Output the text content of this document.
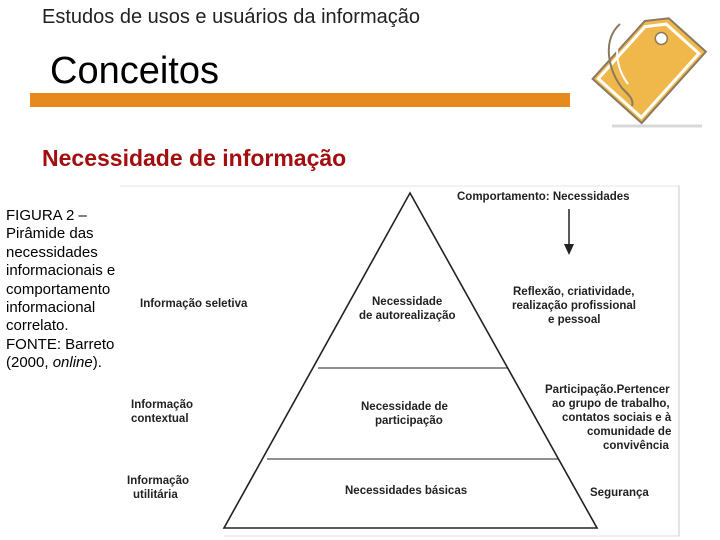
Estudos de usos e usuários da informação
Conceitos
Necessidade de informação
FIGURA 2 –
Pirâmide das
necessidades
informacionais e
comportamento
informacional
correlato.
FONTE: Barreto
(2000, online).
Comportamento: Necessidades
Informação seletiva
Informação
contextual
Informação
utilitária
Necessidade
de autorealização
Necessidade de
participação
Necessidades básicas
Reflexão, criatividade,
realização profissional
e pessoal
Participação.Pertencer
ao grupo de trabalho,
contatos sociais e à
comunidade de
convivência
Segurança
